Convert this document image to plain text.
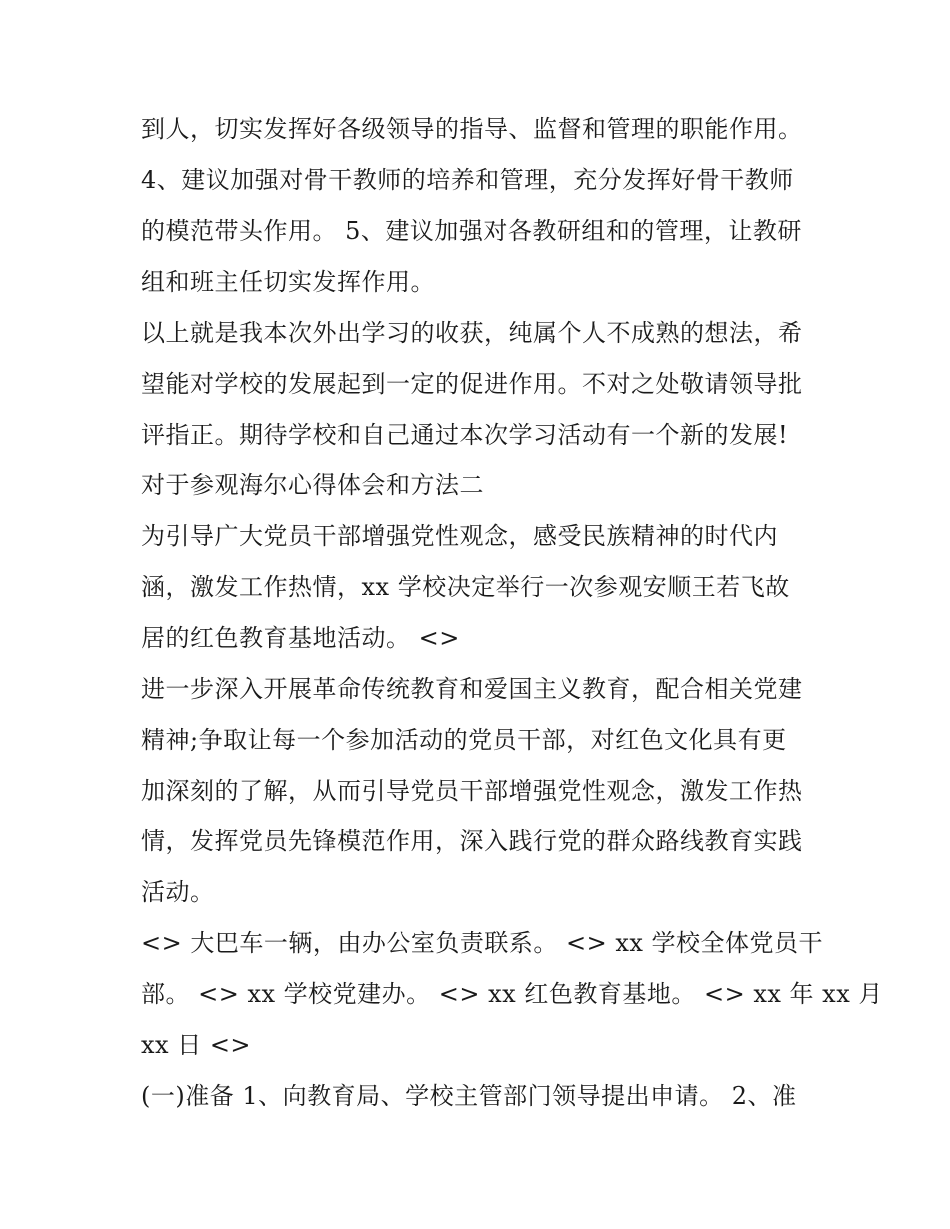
到人，切实发挥好各级领导的指导、监督和管理的职能作用。
4、建议加强对骨干教师的培养和管理，充分发挥好骨干教师
的模范带头作用。 5、建议加强对各教研组和的管理，让教研
组和班主任切实发挥作用。
以上就是我本次外出学习的收获，纯属个人不成熟的想法，希
望能对学校的发展起到一定的促进作用。不对之处敬请领导批
评指正。期待学校和自己通过本次学习活动有一个新的发展!
对于参观海尔心得体会和方法二
为引导广大党员干部增强党性观念，感受民族精神的时代内
涵，激发工作热情，xx 学校决定举行一次参观安顺王若飞故
居的红色教育基地活动。 <>
进一步深入开展革命传统教育和爱国主义教育，配合相关党建
精神;争取让每一个参加活动的党员干部，对红色文化具有更
加深刻的了解，从而引导党员干部增强党性观念，激发工作热
情，发挥党员先锋模范作用，深入践行党的群众路线教育实践
活动。
<> 大巴车一辆，由办公室负责联系。 <> xx 学校全体党员干
部。 <> xx 学校党建办。 <> xx 红色教育基地。 <> xx 年 xx 月
xx 日 <>
(一)准备 1、向教育局、学校主管部门领导提出申请。 2、准
